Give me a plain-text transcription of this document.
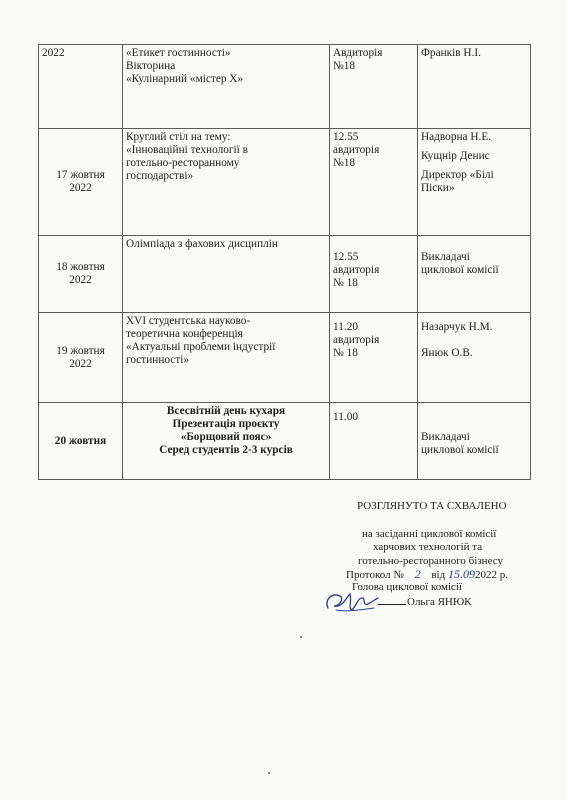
2022	«Етикет гостинності»
Вікторина
«Кулінарний «містер Х»	Авдиторія
№18	Франків Н.І.

17 жовтня
2022	Круглий стіл на тему:
«Інноваційні технології в
готельно-ресторанному
господарстві»	12.55
авдиторія
№18	Надворна Н.Е.
Кущнір Денис
Директор «Білі
Піски»

18 жовтня
2022	Олімпіада з фахових дисциплін	12.55
авдиторія
№ 18	Викладачі
циклової комісії

19 жовтня
2022	XVI студентська науково-
теоретична конференція
«Актуальні проблеми індустрії
гостинності»	11.20
авдиторія
№ 18	Назарчук Н.М.
Янюк О.В.

20 жовтня	Всесвітній день кухаря
Презентація проєкту
«Борщовий пояс»
Серед студентів 2-3 курсів	11.00	Викладачі
циклової комісії
РОЗГЛЯНУТО ТА СХВАЛЕНО
на засіданні циклової комісії
харчових технологій та
готельно-ресторанного бізнесу
Протокол № 2 від 15.092022 р.
Голова циклової комісії
Ольга ЯНЮК
